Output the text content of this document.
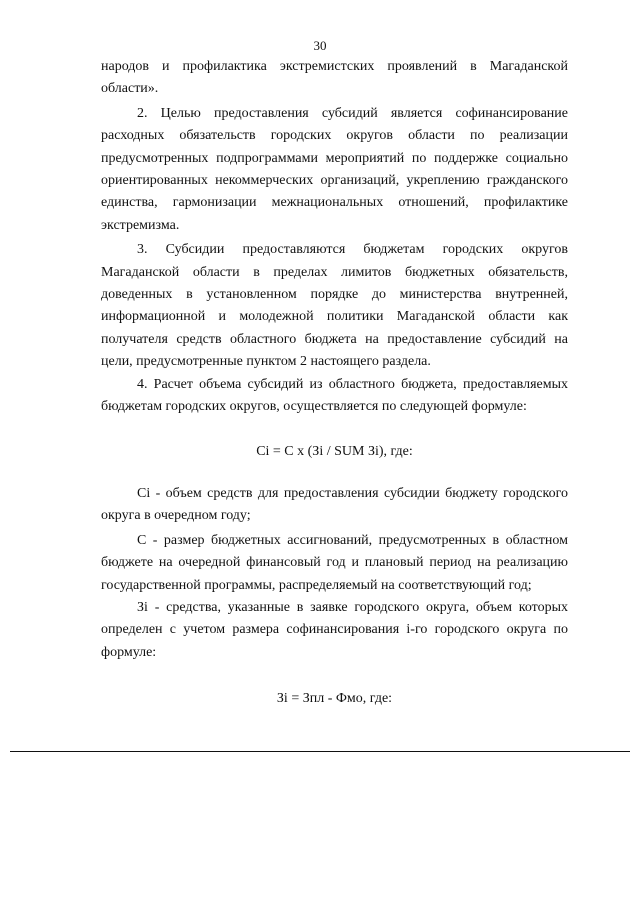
30

народов и профилактика экстремистских проявлений в Магаданской области».

2. Целью предоставления субсидий является софинансирование расходных обязательств городских округов области по реализации предусмотренных подпрограммами мероприятий по поддержке социально ориентированных некоммерческих организаций, укреплению гражданского единства, гармонизации межнациональных отношений, профилактике экстремизма.

3. Субсидии предоставляются бюджетам городских округов Магаданской области в пределах лимитов бюджетных обязательств, доведенных в установленном порядке до министерства внутренней, информационной и молодежной политики Магаданской области как получателя средств областного бюджета на предоставление субсидий на цели, предусмотренные пунктом 2 настоящего раздела.

4. Расчет объема субсидий из областного бюджета, предоставляемых бюджетам городских округов, осуществляется по следующей формуле:

Ci = C x (Зi / SUM Зi), где:

Ci - объем средств для предоставления субсидии бюджету городского округа в очередном году;

C - размер бюджетных ассигнований, предусмотренных в областном бюджете на очередной финансовый год и плановый период на реализацию государственной программы, распределяемый на соответствующий год;

Зi - средства, указанные в заявке городского округа, объем которых определен с учетом размера софинансирования i-го городского округа по формуле:

Зi = Зпл - Фмо, где:
